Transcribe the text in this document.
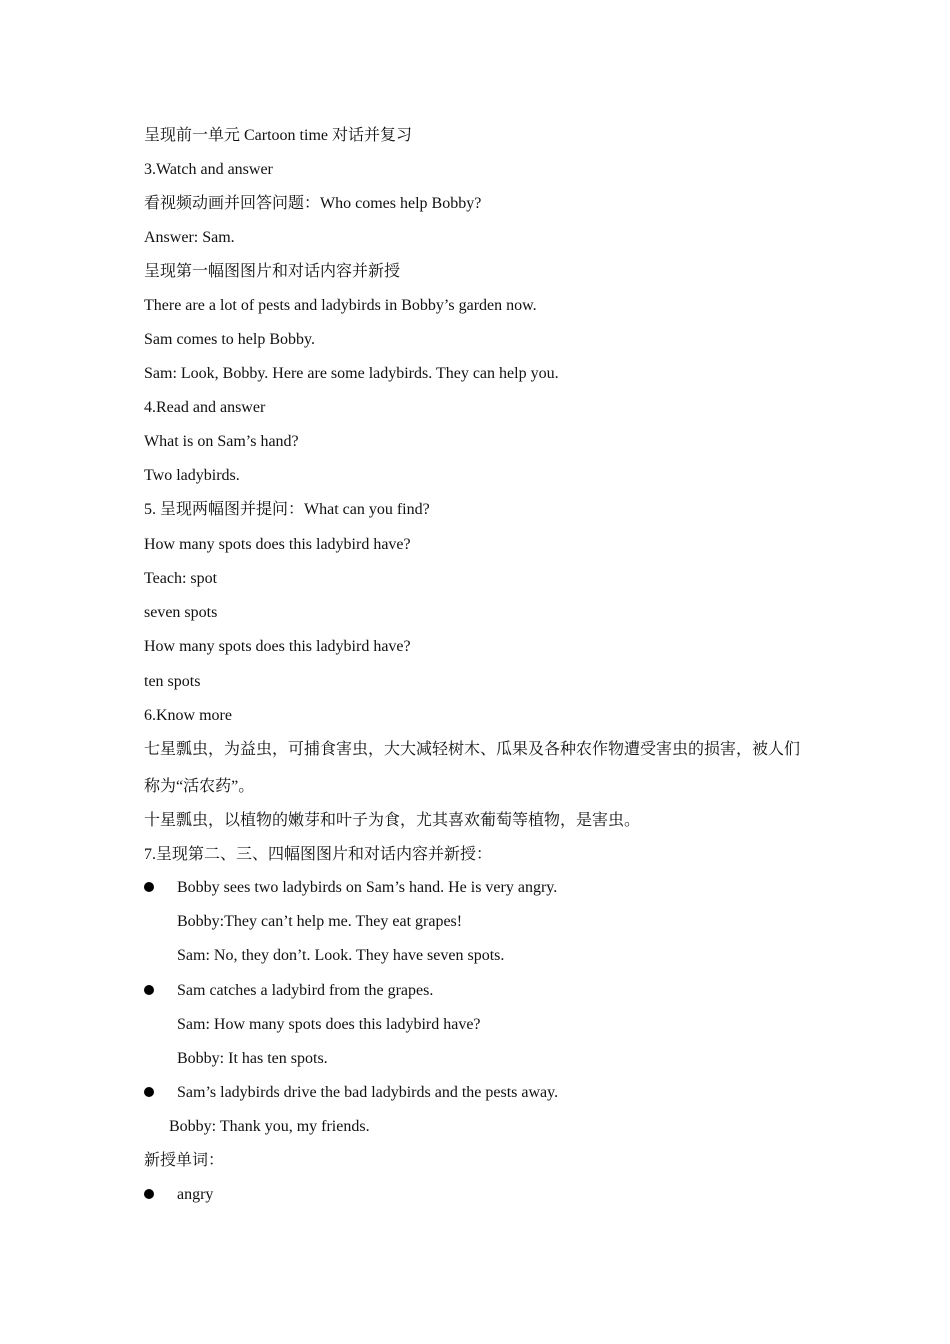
呈现前一单元 Cartoon time 对话并复习
3.Watch and answer
看视频动画并回答问题：Who comes help Bobby?
Answer: Sam.
呈现第一幅图图片和对话内容并新授
There are a lot of pests and ladybirds in Bobby’s garden now.
Sam comes to help Bobby.
Sam: Look, Bobby. Here are some ladybirds. They can help you.
4.Read and answer
What is on Sam’s hand?
Two ladybirds.
5. 呈现两幅图并提问：What can you find?
How many spots does this ladybird have?
Teach: spot
seven spots
How many spots does this ladybird have?
ten spots
6.Know more
七星瓢虫，为益虫，可捕食害虫，大大减轻树木、瓜果及各种农作物遭受害虫的损害，被人们
称为“活农药”。
十星瓢虫，以植物的嫩芽和叶子为食，尤其喜欢葡萄等植物，是害虫。
7.呈现第二、三、四幅图图片和对话内容并新授：
Bobby sees two ladybirds on Sam’s hand. He is very angry.
Bobby:They can’t help me. They eat grapes!
Sam: No, they don’t. Look. They have seven spots.
Sam catches a ladybird from the grapes.
Sam: How many spots does this ladybird have?
Bobby: It has ten spots.
Sam’s ladybirds drive the bad ladybirds and the pests away.
Bobby: Thank you, my friends.
新授单词：
angry
